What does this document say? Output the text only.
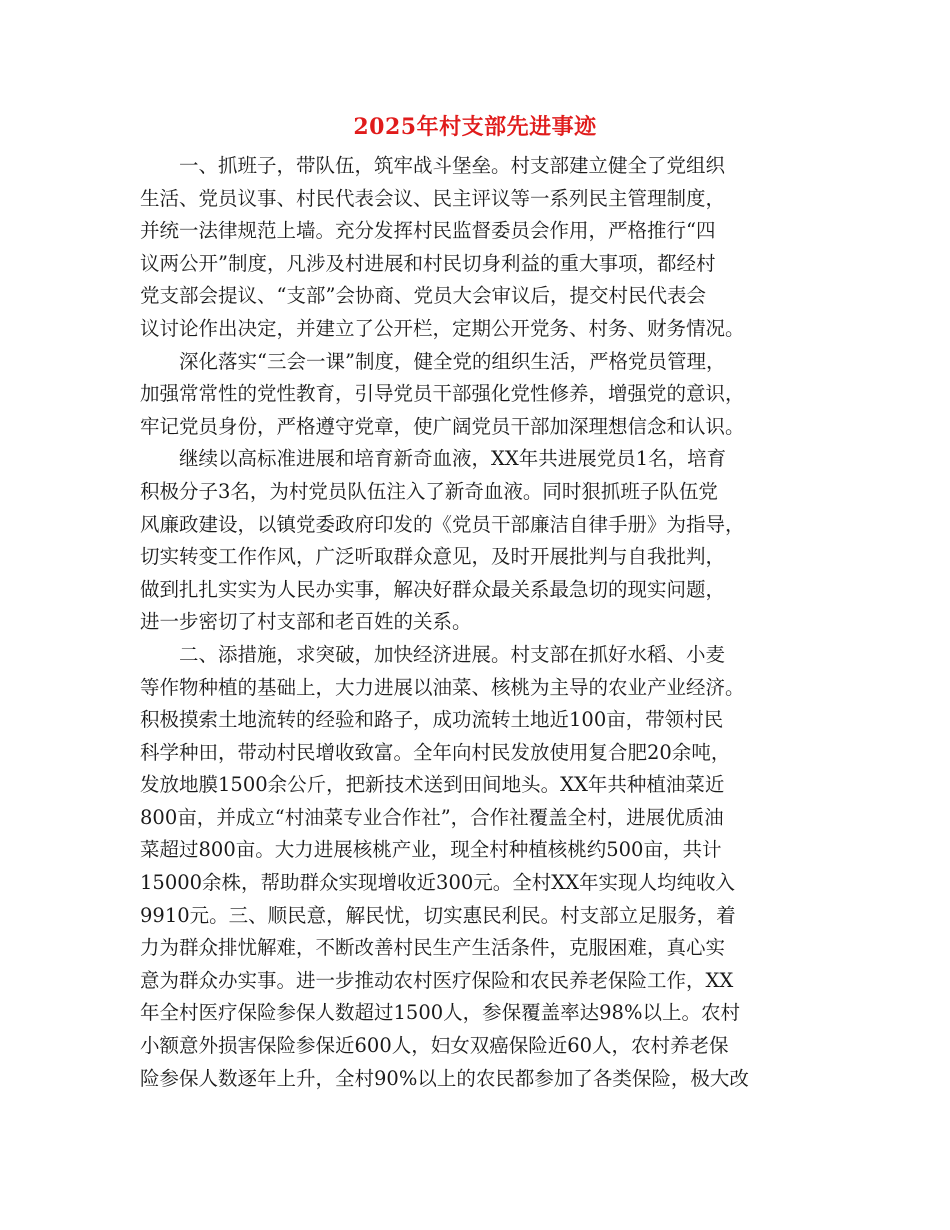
2025年村支部先进事迹

一、抓班子，带队伍，筑牢战斗堡垒。村支部建立健全了党组织
生活、党员议事、村民代表会议、民主评议等一系列民主管理制度，
并统一法律规范上墙。充分发挥村民监督委员会作用，严格推行“四
议两公开”制度，凡涉及村进展和村民切身利益的重大事项，都经村
党支部会提议、“支部”会协商、党员大会审议后，提交村民代表会
议讨论作出决定，并建立了公开栏，定期公开党务、村务、财务情况。

深化落实“三会一课”制度，健全党的组织生活，严格党员管理，
加强常常性的党性教育，引导党员干部强化党性修养，增强党的意识，
牢记党员身份，严格遵守党章，使广阔党员干部加深理想信念和认识。

继续以高标准进展和培育新奇血液，XX年共进展党员1名，培育
积极分子3名，为村党员队伍注入了新奇血液。同时狠抓班子队伍党
风廉政建设，以镇党委政府印发的《党员干部廉洁自律手册》为指导，
切实转变工作作风，广泛听取群众意见，及时开展批判与自我批判，
做到扎扎实实为人民办实事，解决好群众最关系最急切的现实问题，
进一步密切了村支部和老百姓的关系。

二、添措施，求突破，加快经济进展。村支部在抓好水稻、小麦
等作物种植的基础上，大力进展以油菜、核桃为主导的农业产业经济。
积极摸索土地流转的经验和路子，成功流转土地近100亩，带领村民
科学种田，带动村民增收致富。全年向村民发放使用复合肥20余吨，
发放地膜1500余公斤，把新技术送到田间地头。XX年共种植油菜近
800亩，并成立“村油菜专业合作社”，合作社覆盖全村，进展优质油
菜超过800亩。大力进展核桃产业，现全村种植核桃约500亩，共计
15000余株，帮助群众实现增收近300元。全村XX年实现人均纯收入
9910元。三、顺民意，解民忧，切实惠民利民。村支部立足服务，着
力为群众排忧解难，不断改善村民生产生活条件，克服困难，真心实
意为群众办实事。进一步推动农村医疗保险和农民养老保险工作，XX
年全村医疗保险参保人数超过1500人，参保覆盖率达98%以上。农村
小额意外损害保险参保近600人，妇女双癌保险近60人，农村养老保
险参保人数逐年上升，全村90%以上的农民都参加了各类保险，极大改
